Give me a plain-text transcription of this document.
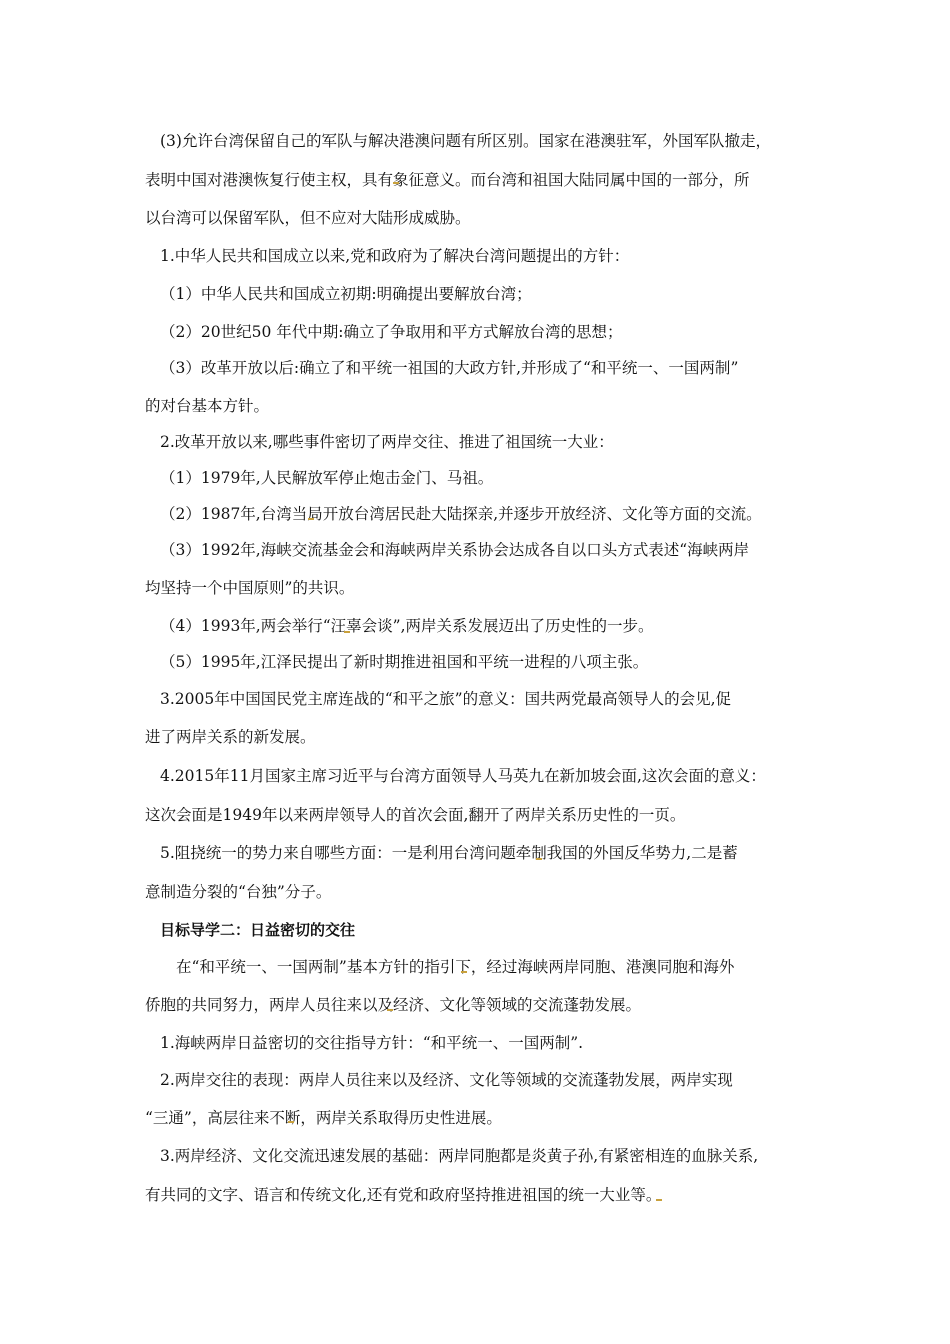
(3)允许台湾保留自己的军队与解决港澳问题有所区别。国家在港澳驻军，外国军队撤走，
表明中国对港澳恢复行使主权，具有象征意义。而台湾和祖国大陆同属中国的一部分，所
以台湾可以保留军队，但不应对大陆形成威胁。
1.中华人民共和国成立以来,党和政府为了解决台湾问题提出的方针：
（1）中华人民共和国成立初期:明确提出要解放台湾；
（2）20世纪50 年代中期:确立了争取用和平方式解放台湾的思想；
（3）改革开放以后:确立了和平统一祖国的大政方针,并形成了“和平统一、一国两制”
的对台基本方针。
2.改革开放以来,哪些事件密切了两岸交往、推进了祖国统一大业：
（1）1979年,人民解放军停止炮击金门、马祖。
（2）1987年,台湾当局开放台湾居民赴大陆探亲,并逐步开放经济、文化等方面的交流。
（3）1992年,海峡交流基金会和海峡两岸关系协会达成各自以口头方式表述“海峡两岸
均坚持一个中国原则”的共识。
（4）1993年,两会举行“汪辜会谈”,两岸关系发展迈出了历史性的一步。
（5）1995年,江泽民提出了新时期推进祖国和平统一进程的八项主张。
3.2005年中国国民党主席连战的“和平之旅”的意义：国共两党最高领导人的会见,促
进了两岸关系的新发展。
4.2015年11月国家主席习近平与台湾方面领导人马英九在新加坡会面,这次会面的意义：
这次会面是1949年以来两岸领导人的首次会面,翻开了两岸关系历史性的一页。
5.阻挠统一的势力来自哪些方面：一是利用台湾问题牵制我国的外国反华势力,二是蓄
意制造分裂的“台独”分子。
目标导学二：日益密切的交往
在“和平统一、一国两制”基本方针的指引下，经过海峡两岸同胞、港澳同胞和海外
侨胞的共同努力，两岸人员往来以及经济、文化等领域的交流蓬勃发展。
1.海峡两岸日益密切的交往指导方针：“和平统一、一国两制”.
2.两岸交往的表现：两岸人员往来以及经济、文化等领域的交流蓬勃发展，两岸实现
“三通”，高层往来不断，两岸关系取得历史性进展。
3.两岸经济、文化交流迅速发展的基础：两岸同胞都是炎黄子孙,有紧密相连的血脉关系,
有共同的文字、语言和传统文化,还有党和政府坚持推进祖国的统一大业等。
